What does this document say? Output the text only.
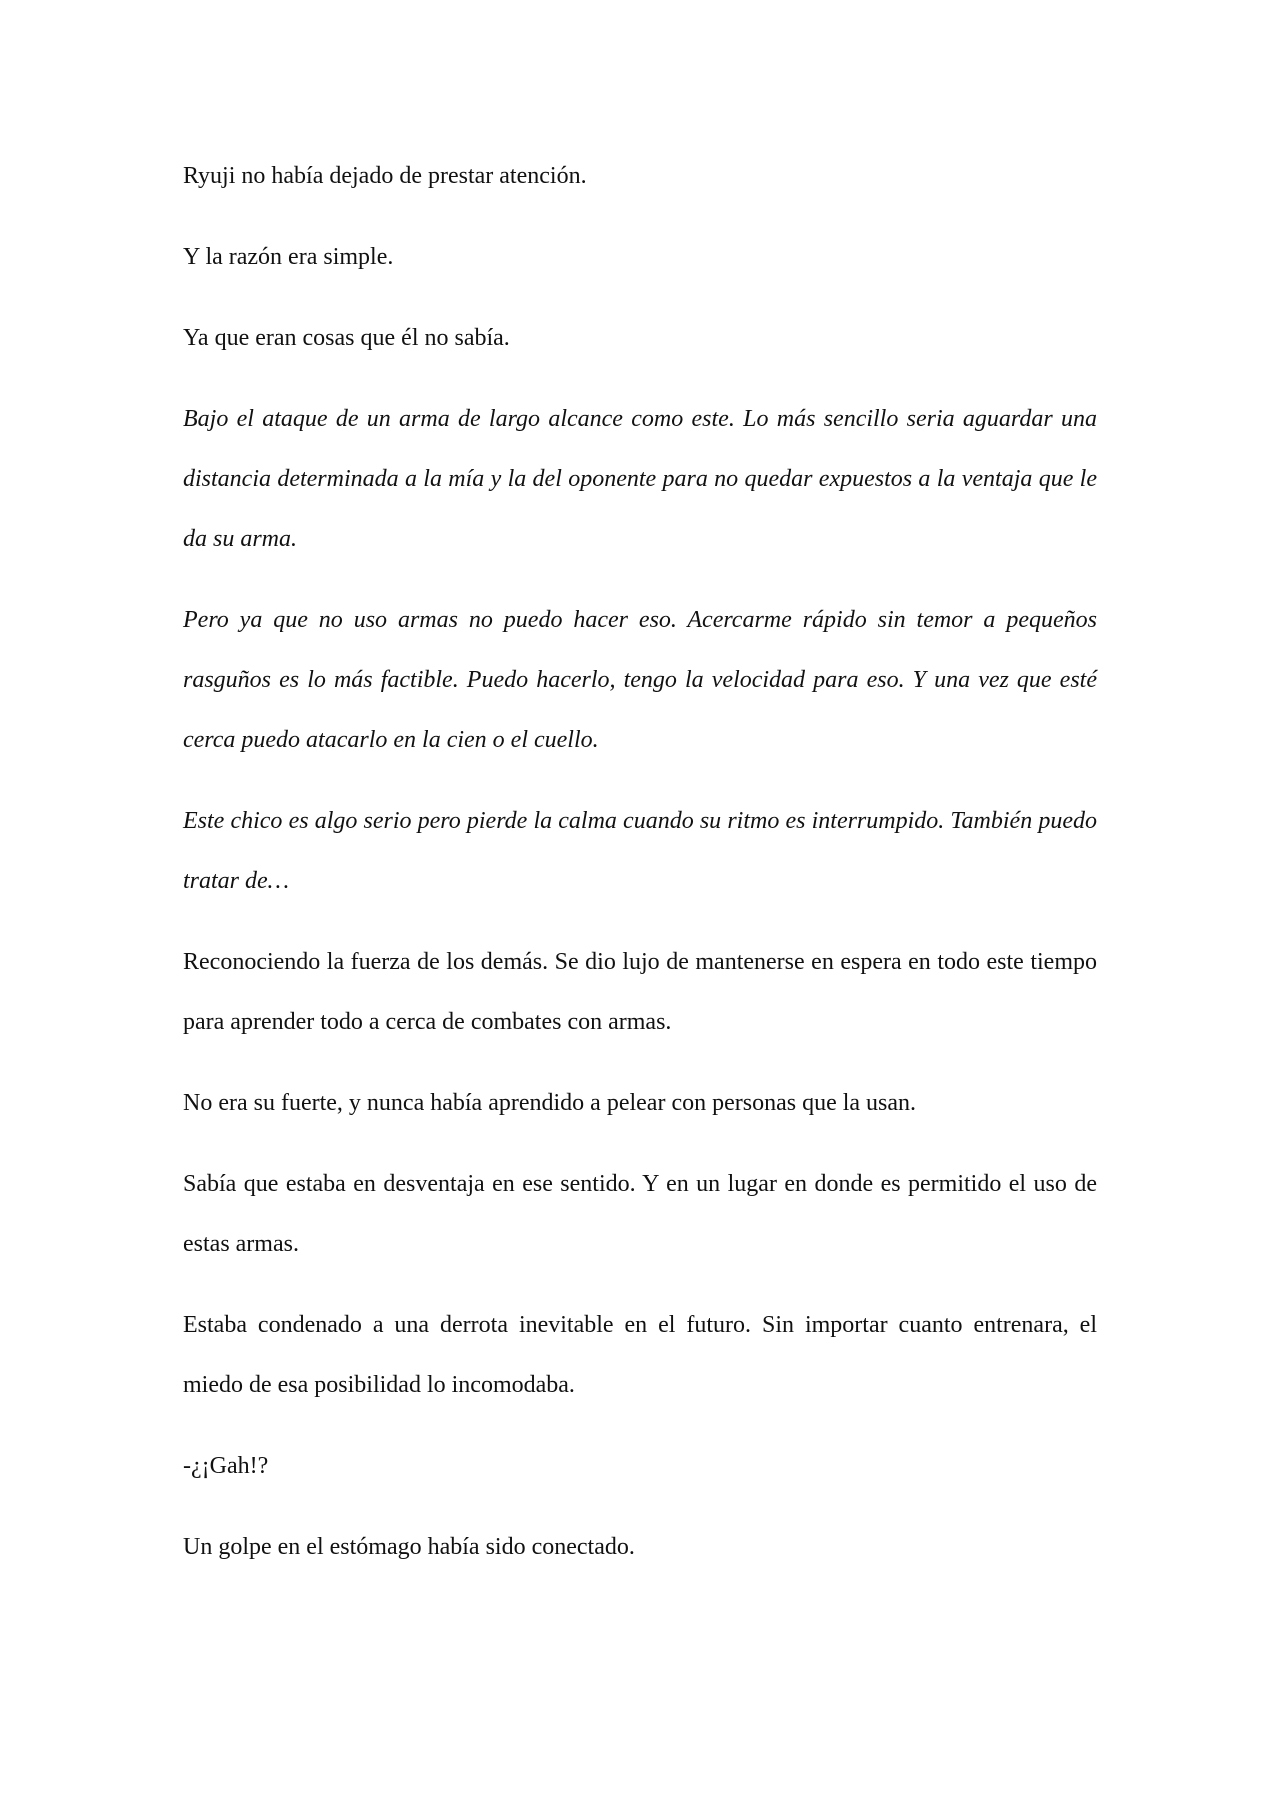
Ryuji no había dejado de prestar atención.

Y la razón era simple.

Ya que eran cosas que él no sabía.

Bajo el ataque de un arma de largo alcance como este. Lo más sencillo seria aguardar una distancia determinada a la mía y la del oponente para no quedar expuestos a la ventaja que le da su arma.

Pero ya que no uso armas no puedo hacer eso. Acercarme rápido sin temor a pequeños rasguños es lo más factible. Puedo hacerlo, tengo la velocidad para eso. Y una vez que esté cerca puedo atacarlo en la cien o el cuello.

Este chico es algo serio pero pierde la calma cuando su ritmo es interrumpido. También puedo tratar de…

Reconociendo la fuerza de los demás. Se dio lujo de mantenerse en espera en todo este tiempo para aprender todo a cerca de combates con armas.

No era su fuerte, y nunca había aprendido a pelear con personas que la usan.

Sabía que estaba en desventaja en ese sentido. Y en un lugar en donde es permitido el uso de estas armas.

Estaba condenado a una derrota inevitable en el futuro. Sin importar cuanto entrenara, el miedo de esa posibilidad lo incomodaba.

-¿¡Gah!?

Un golpe en el estómago había sido conectado.
